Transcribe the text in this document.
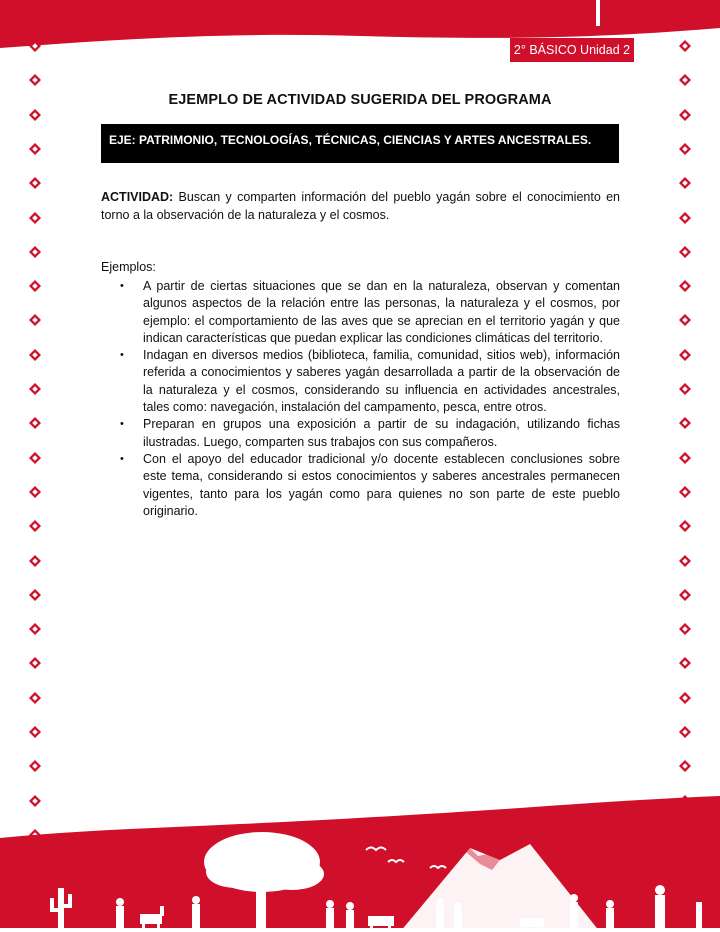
2° BÁSICO Unidad 2
EJEMPLO DE ACTIVIDAD SUGERIDA DEL PROGRAMA
EJE: PATRIMONIO, TECNOLOGÍAS, TÉCNICAS, CIENCIAS Y ARTES ANCESTRALES.
ACTIVIDAD: Buscan y comparten información del pueblo yagán sobre el conocimiento en torno a la observación de la naturaleza y el cosmos.
Ejemplos:
• A partir de ciertas situaciones que se dan en la naturaleza, observan y comentan algunos aspectos de la relación entre las personas, la naturaleza y el cosmos, por ejemplo: el comportamiento de las aves que se aprecian en el territorio yagán y que indican características que puedan explicar las condiciones climáticas del territorio.
• Indagan en diversos medios (biblioteca, familia, comunidad, sitios web), información referida a conocimientos y saberes yagán desarrollada a partir de la observación de la naturaleza y el cosmos, considerando su influencia en actividades ancestrales, tales como: navegación, instalación del campamento, pesca, entre otros.
• Preparan en grupos una exposición a partir de su indagación, utilizando fichas ilustradas. Luego, comparten sus trabajos con sus compañeros.
• Con el apoyo del educador tradicional y/o docente establecen conclusiones sobre este tema, considerando si estos conocimientos y saberes ancestrales permanecen vigentes, tanto para los yagán como para quienes no son parte de este pueblo originario.
